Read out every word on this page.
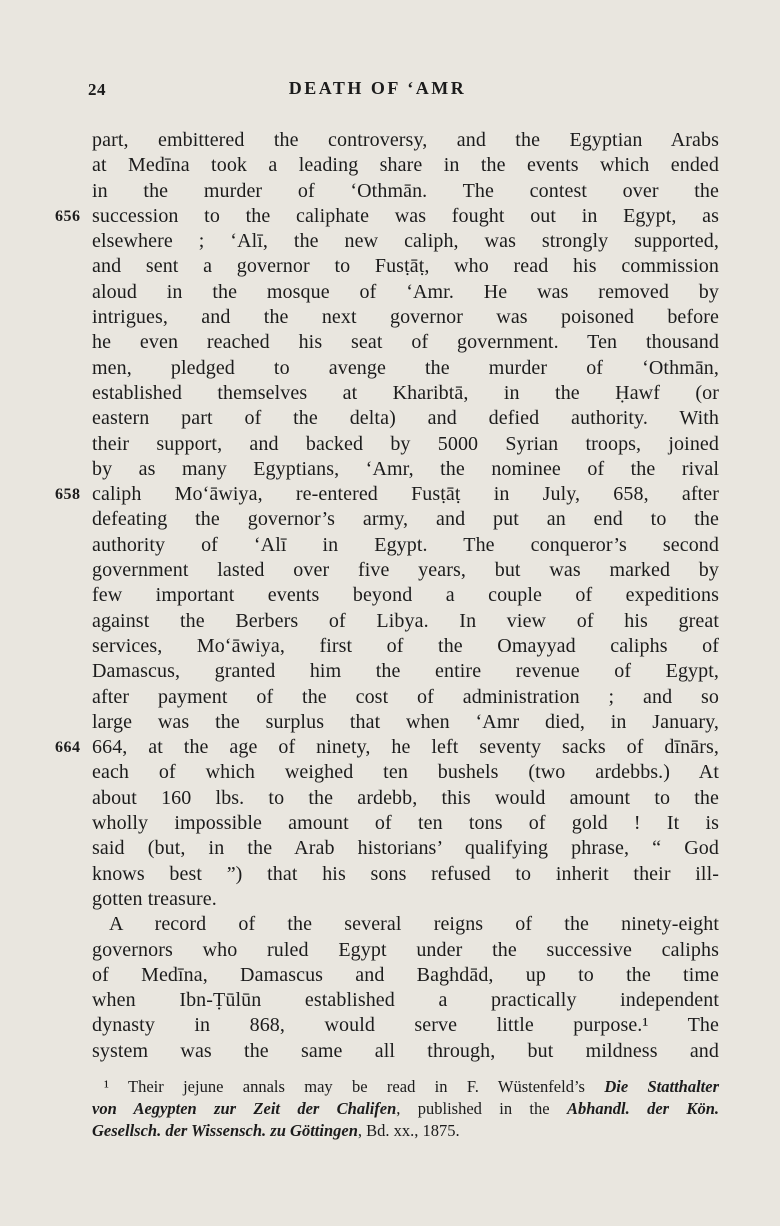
24	DEATH OF ‘AMR
part, embittered the controversy, and the Egyptian Arabs
at Medīna took a leading share in the events which ended
in the murder of ‘Othmān. The contest over the
656 succession to the caliphate was fought out in Egypt, as
elsewhere ; ‘Alī, the new caliph, was strongly supported,
and sent a governor to Fusṭāṭ, who read his commission
aloud in the mosque of ‘Amr. He was removed by
intrigues, and the next governor was poisoned before
he even reached his seat of government. Ten thousand
men, pledged to avenge the murder of ‘Othmān,
established themselves at Kharibtā, in the Ḥawf (or
eastern part of the delta) and defied authority. With
their support, and backed by 5000 Syrian troops, joined
by as many Egyptians, ‘Amr, the nominee of the rival
658 caliph Mo‘āwiya, re-entered Fusṭāṭ in July, 658, after
defeating the governor’s army, and put an end to the
authority of ‘Alī in Egypt. The conqueror’s second
government lasted over five years, but was marked by
few important events beyond a couple of expeditions
against the Berbers of Libya. In view of his great
services, Mo‘āwiya, first of the Omayyad caliphs of
Damascus, granted him the entire revenue of Egypt,
after payment of the cost of administration ; and so
large was the surplus that when ‘Amr died, in January,
664 664, at the age of ninety, he left seventy sacks of dīnārs,
each of which weighed ten bushels (two ardebbs.) At
about 160 lbs. to the ardebb, this would amount to the
wholly impossible amount of ten tons of gold ! It is
said (but, in the Arab historians’ qualifying phrase, “ God
knows best ”) that his sons refused to inherit their ill-
gotten treasure.
A record of the several reigns of the ninety-eight
governors who ruled Egypt under the successive caliphs
of Medīna, Damascus and Baghdād, up to the time
when Ibn-Ṭūlūn established a practically independent
dynasty in 868, would serve little purpose.¹ The
system was the same all through, but mildness and
¹ Their jejune annals may be read in F. Wüstenfeld’s Die Statthalter
von Aegypten zur Zeit der Chalifen, published in the Abhandl. der Kön.
Gesellsch. der Wissensch. zu Göttingen, Bd. xx., 1875.
